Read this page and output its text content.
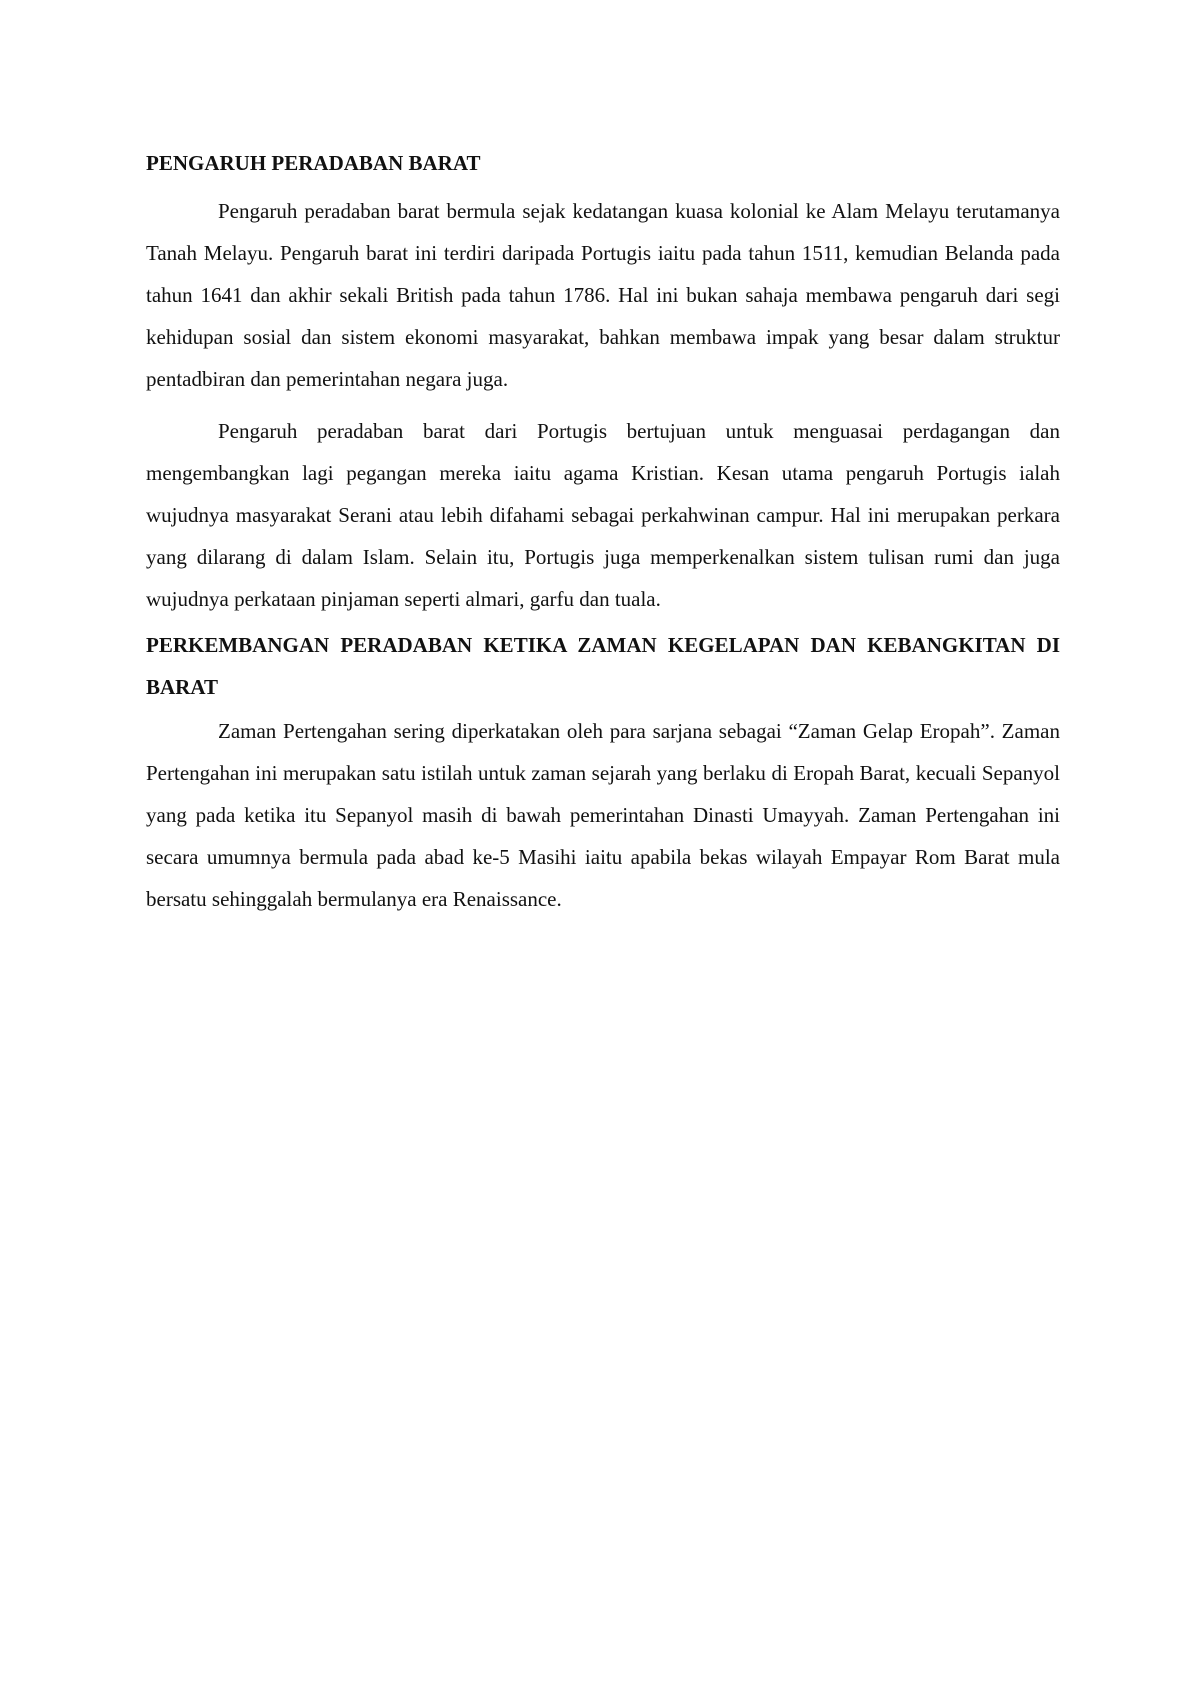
PENGARUH PERADABAN BARAT

Pengaruh peradaban barat bermula sejak kedatangan kuasa kolonial ke Alam Melayu terutamanya Tanah Melayu. Pengaruh barat ini terdiri daripada Portugis iaitu pada tahun 1511, kemudian Belanda pada tahun 1641 dan akhir sekali British pada tahun 1786. Hal ini bukan sahaja membawa pengaruh dari segi kehidupan sosial dan sistem ekonomi masyarakat, bahkan membawa impak yang besar dalam struktur pentadbiran dan pemerintahan negara juga.

Pengaruh peradaban barat dari Portugis bertujuan untuk menguasai perdagangan dan mengembangkan lagi pegangan mereka iaitu agama Kristian. Kesan utama pengaruh Portugis ialah wujudnya masyarakat Serani atau lebih difahami sebagai perkahwinan campur. Hal ini merupakan perkara yang dilarang di dalam Islam. Selain itu, Portugis juga memperkenalkan sistem tulisan rumi dan juga wujudnya perkataan pinjaman seperti almari, garfu dan tuala.

PERKEMBANGAN PERADABAN KETIKA ZAMAN KEGELAPAN DAN KEBANGKITAN DI BARAT

Zaman Pertengahan sering diperkatakan oleh para sarjana sebagai “Zaman Gelap Eropah”. Zaman Pertengahan ini merupakan satu istilah untuk zaman sejarah yang berlaku di Eropah Barat, kecuali Sepanyol yang pada ketika itu Sepanyol masih di bawah pemerintahan Dinasti Umayyah. Zaman Pertengahan ini secara umumnya bermula pada abad ke-5 Masihi iaitu apabila bekas wilayah Empayar Rom Barat mula bersatu sehinggalah bermulanya era Renaissance.
